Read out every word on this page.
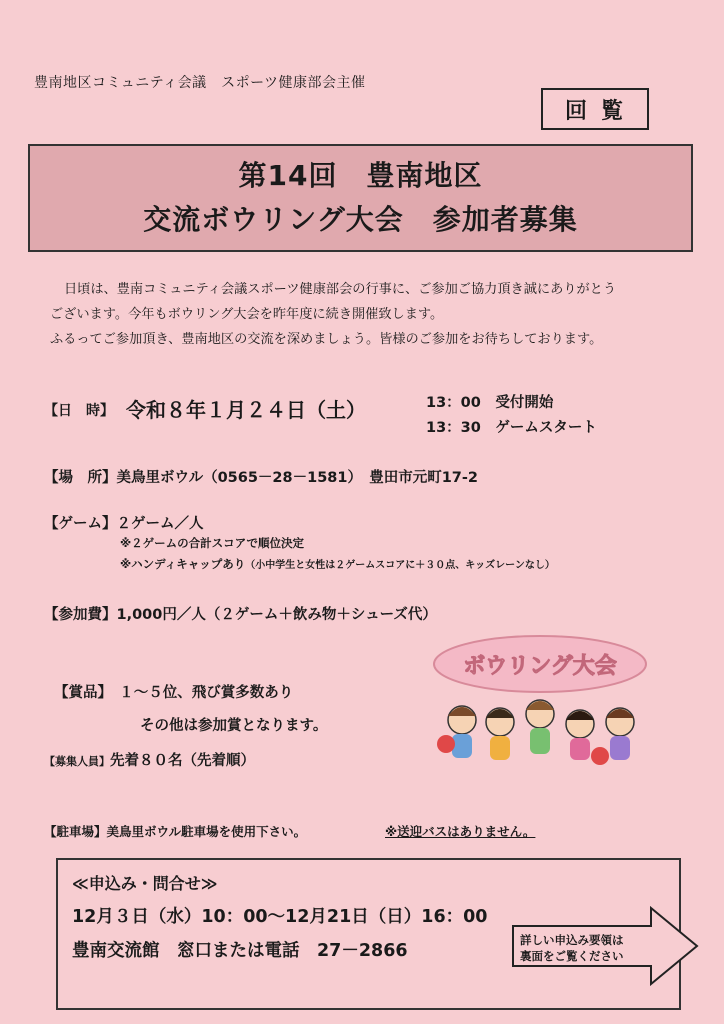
豊南地区コミュニティ会議　スポーツ健康部会主催
回覧
第14回　豊南地区
交流ボウリング大会　参加者募集

日頃は、豊南コミュニティ会議スポーツ健康部会の行事に、ご参加ご協力頂き誠にありがとう

ございます。今年もボウリング大会を昨年度に続き開催致します。

ふるってご参加頂き、豊南地区の交流を深めましょう。皆様のご参加をお待ちしております。

【日　時】 令和８年１月２４日（土）	13：00　受付開始
13：30　ゲームスタート
【場　所】美鳥里ボウル（0565－28－1581）　豊田市元町17-2
【ゲーム】２ゲーム／人
※２ゲームの合計スコアで順位決定
※ハンディキャップあり（小中学生と女性は２ゲームスコアに＋３０点、キッズレーンなし）
【参加費】1,000円／人（２ゲーム＋飲み物＋シューズ代）
【賞品】　 １～５位、飛び賞多数あり
その他は参加賞となります。
【募集人員】先着８０名（先着順）
【駐車場】美鳥里ボウル駐車場を使用下さい。	※送迎バスはありません。
ボウリング大会
≪申込み・問合せ≫
12月３日（水）10：00～12月21日（日）16：00
豊南交流館　窓口または電話　27－2866
詳しい申込み要領は
裏面をご覧ください
